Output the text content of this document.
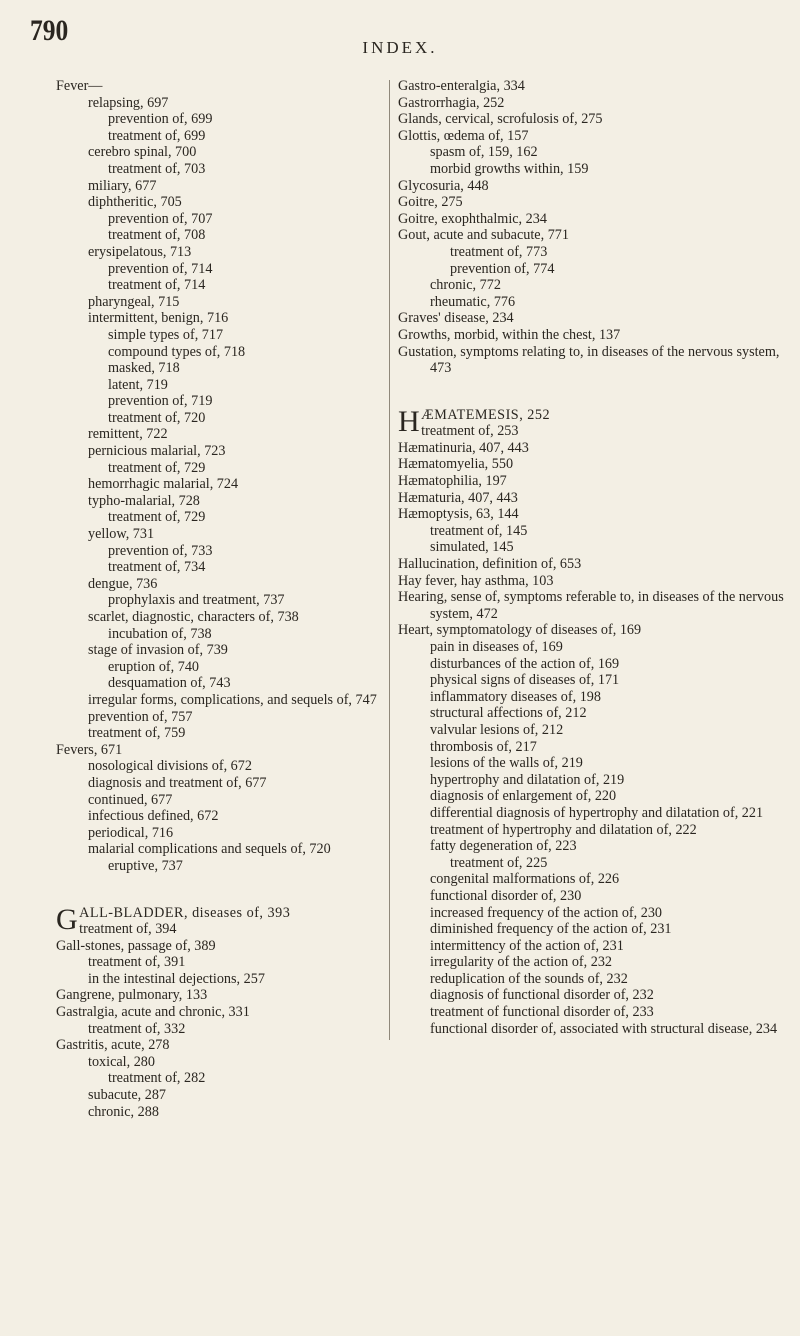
790
INDEX.
Fever—
relapsing, 697
prevention of, 699
treatment of, 699
cerebro spinal, 700
treatment of, 703
miliary, 677
diphtheritic, 705
prevention of, 707
treatment of, 708
erysipelatous, 713
prevention of, 714
treatment of, 714
pharyngeal, 715
intermittent, benign, 716
simple types of, 717
compound types of, 718
masked, 718
latent, 719
prevention of, 719
treatment of, 720
remittent, 722
pernicious malarial, 723
treatment of, 729
hemorrhagic malarial, 724
typho-malarial, 728
treatment of, 729
yellow, 731
prevention of, 733
treatment of, 734
dengue, 736
prophylaxis and treatment, 737
scarlet, diagnostic, characters of, 738
incubation of, 738
stage of invasion of, 739
eruption of, 740
desquamation of, 743
irregular forms, complications, and sequels of, 747
prevention of, 757
treatment of, 759
Fevers, 671
nosological divisions of, 672
diagnosis and treatment of, 677
continued, 677
infectious defined, 672
periodical, 716
malarial complications and sequels of, 720
eruptive, 737
GALL-BLADDER, diseases of, 393
treatment of, 394
Gall-stones, passage of, 389
treatment of, 391
in the intestinal dejections, 257
Gangrene, pulmonary, 133
Gastralgia, acute and chronic, 331
treatment of, 332
Gastritis, acute, 278
toxical, 280
treatment of, 282
subacute, 287
chronic, 288
Gastro-enteralgia, 334
Gastrorrhagia, 252
Glands, cervical, scrofulosis of, 275
Glottis, œdema of, 157
spasm of, 159, 162
morbid growths within, 159
Glycosuria, 448
Goitre, 275
Goitre, exophthalmic, 234
Gout, acute and subacute, 771
treatment of, 773
prevention of, 774
chronic, 772
rheumatic, 776
Graves' disease, 234
Growths, morbid, within the chest, 137
Gustation, symptoms relating to, in diseases of the nervous system, 473
HÆMATEMESIS, 252
treatment of, 253
Hæmatinuria, 407, 443
Hæmatomyelia, 550
Hæmatophilia, 197
Hæmaturia, 407, 443
Hæmoptysis, 63, 144
treatment of, 145
simulated, 145
Hallucination, definition of, 653
Hay fever, hay asthma, 103
Hearing, sense of, symptoms referable to, in diseases of the nervous system, 472
Heart, symptomatology of diseases of, 169
pain in diseases of, 169
disturbances of the action of, 169
physical signs of diseases of, 171
inflammatory diseases of, 198
structural affections of, 212
valvular lesions of, 212
thrombosis of, 217
lesions of the walls of, 219
hypertrophy and dilatation of, 219
diagnosis of enlargement of, 220
differential diagnosis of hypertrophy and dilatation of, 221
treatment of hypertrophy and dilatation of, 222
fatty degeneration of, 223
treatment of, 225
congenital malformations of, 226
functional disorder of, 230
increased frequency of the action of, 230
diminished frequency of the action of, 231
intermittency of the action of, 231
irregularity of the action of, 232
reduplication of the sounds of, 232
diagnosis of functional disorder of, 232
treatment of functional disorder of, 233
functional disorder of, associated with structural disease, 234
